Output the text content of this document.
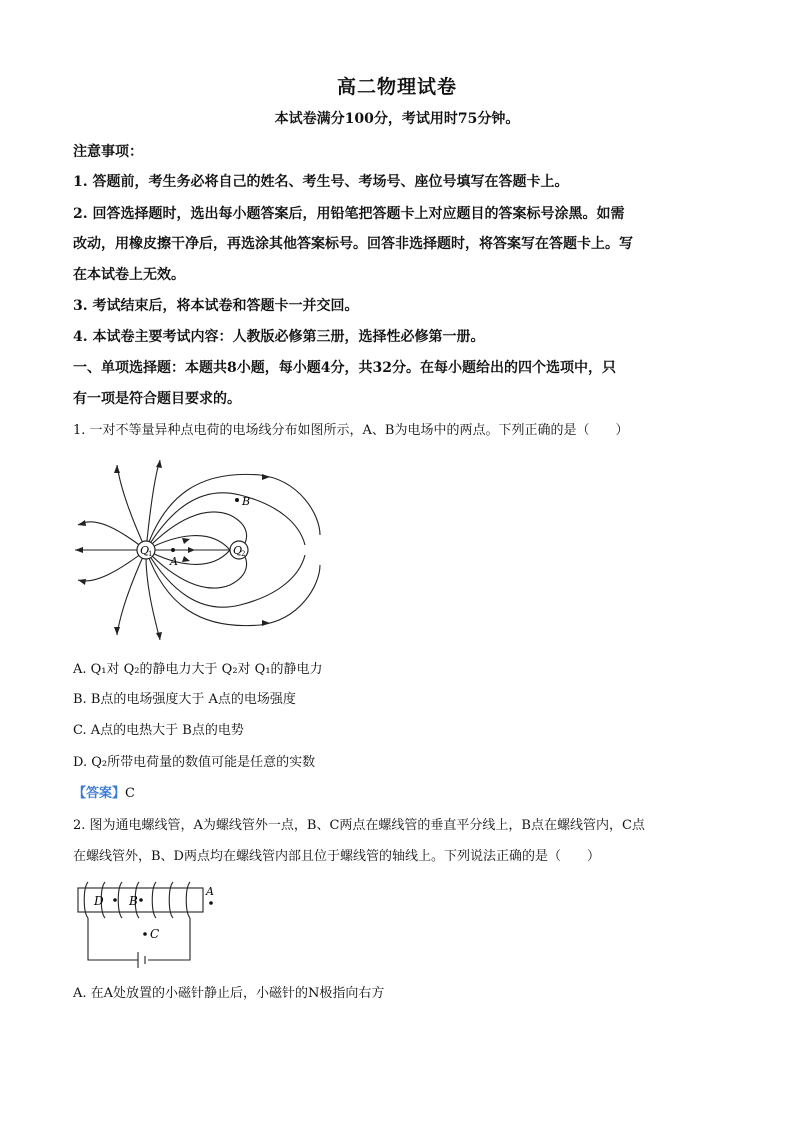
高二物理试卷
本试卷满分100分，考试用时75分钟。
注意事项：
1. 答题前，考生务必将自己的姓名、考生号、考场号、座位号填写在答题卡上。
2. 回答选择题时，选出每小题答案后，用铅笔把答题卡上对应题目的答案标号涂黑。如需
改动，用橡皮擦干净后，再选涂其他答案标号。回答非选择题时，将答案写在答题卡上。写
在本试卷上无效。
3. 考试结束后，将本试卷和答题卡一并交回。
4. 本试卷主要考试内容：人教版必修第三册，选择性必修第一册。
一、单项选择题：本题共8小题，每小题4分，共32分。在每小题给出的四个选项中，只
有一项是符合题目要求的。
1. 一对不等量异种点电荷的电场线分布如图所示，A、B为电场中的两点。下列正确的是（　　）
Q
1	Q
2
A
B
A. Q₁对 Q₂的静电力大于 Q₂对 Q₁的静电力
B. B点的电场强度大于 A点的电场强度
C. A点的电热大于 B点的电势
D. Q₂所带电荷量的数值可能是任意的实数
【答案】C
2. 图为通电螺线管，A为螺线管外一点，B、C两点在螺线管的垂直平分线上，B点在螺线管内，C点
在螺线管外，B、D两点均在螺线管内部且位于螺线管的轴线上。下列说法正确的是（　　）
D B
C
A
A. 在A处放置的小磁针静止后，小磁针的N极指向右方
